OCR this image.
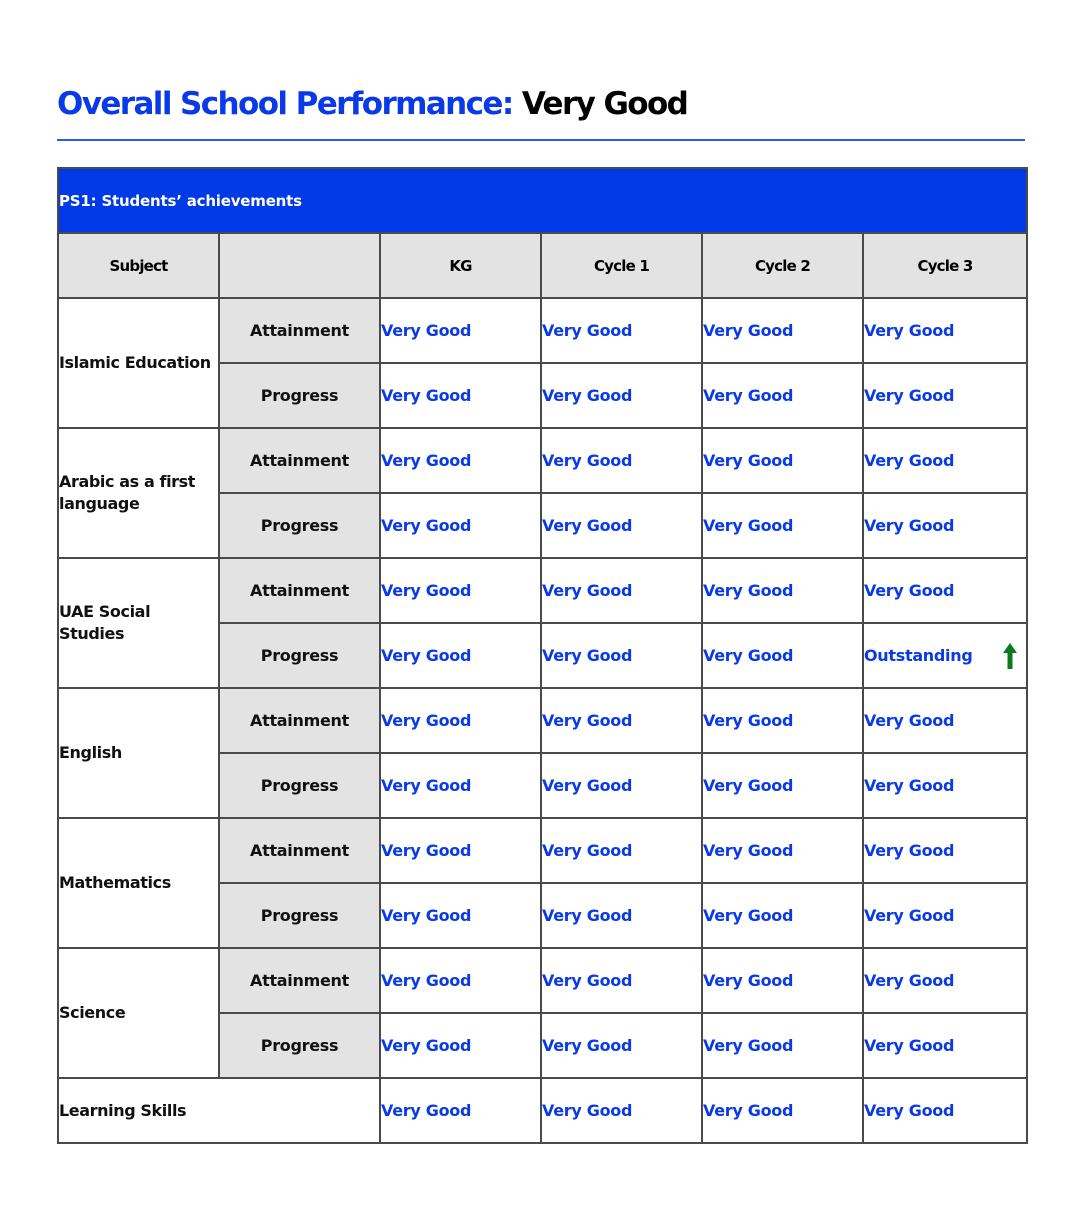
Overall School Performance: Very Good
PS1: Students’ achievements					
Subject		KG	Cycle 1	Cycle 2	Cycle 3
Islamic Education	Attainment	Very Good	Very Good	Very Good	Very Good
	Progress	Very Good	Very Good	Very Good	Very Good
Arabic as a first language	Attainment	Very Good	Very Good	Very Good	Very Good
	Progress	Very Good	Very Good	Very Good	Very Good
UAE Social Studies	Attainment	Very Good	Very Good	Very Good	Very Good
	Progress	Very Good	Very Good	Very Good	Outstanding

English	Attainment	Very Good	Very Good	Very Good	Very Good
	Progress	Very Good	Very Good	Very Good	Very Good
Mathematics	Attainment	Very Good	Very Good	Very Good	Very Good
	Progress	Very Good	Very Good	Very Good	Very Good
Science	Attainment	Very Good	Very Good	Very Good	Very Good
	Progress	Very Good	Very Good	Very Good	Very Good
Learning Skills		Very Good	Very Good	Very Good	Very Good
